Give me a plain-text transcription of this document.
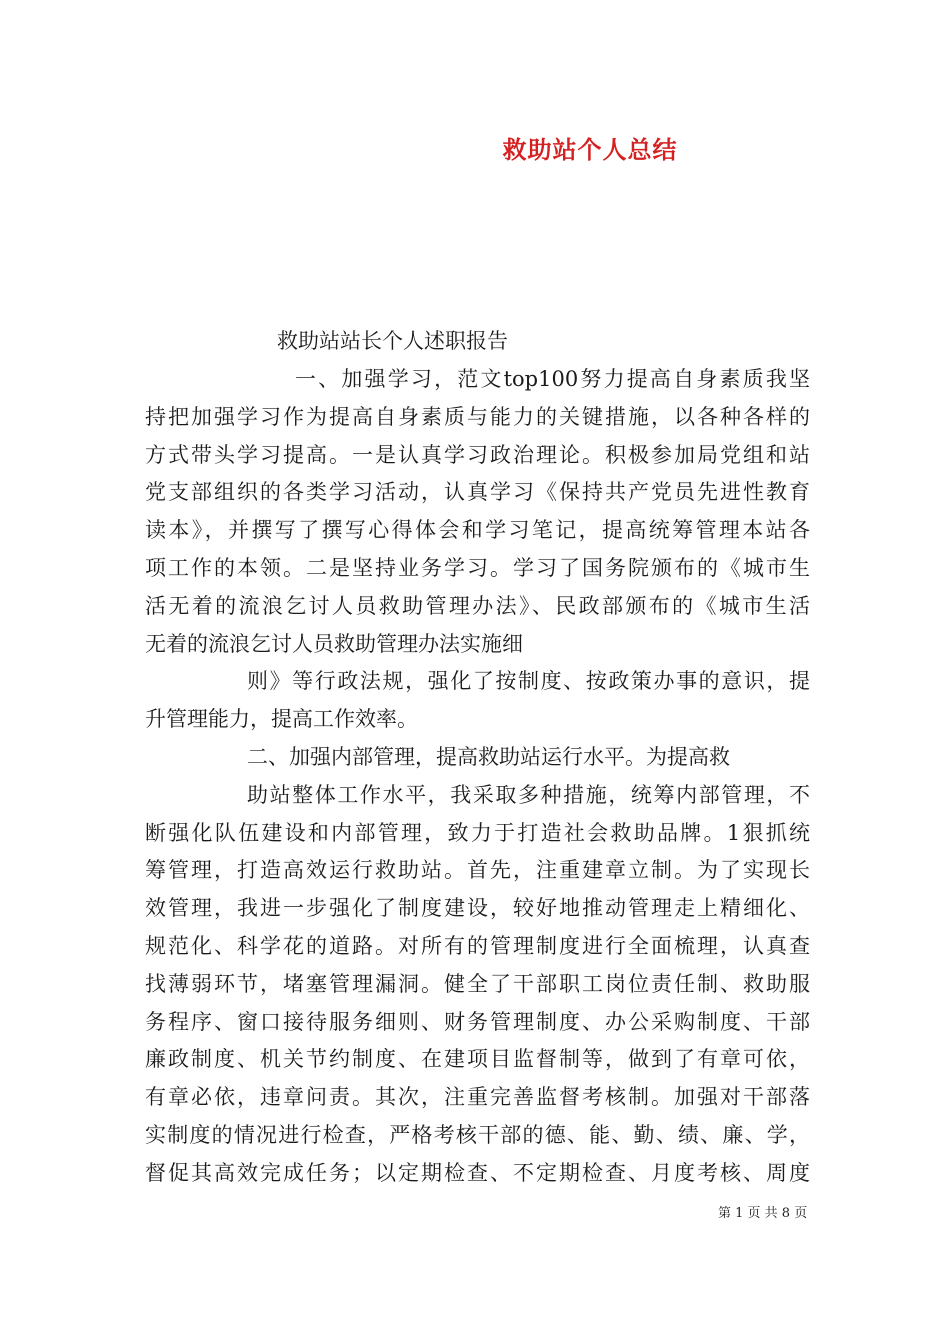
救助站个人总结
救助站站长个人述职报告
一、加强学习，范文top100努力提高自身素质我坚
持把加强学习作为提高自身素质与能力的关键措施，以各种各样的
方式带头学习提高。一是认真学习政治理论。积极参加局党组和站
党支部组织的各类学习活动，认真学习《保持共产党员先进性教育
读本》，并撰写了撰写心得体会和学习笔记，提高统筹管理本站各
项工作的本领。二是坚持业务学习。学习了国务院颁布的《城市生
活无着的流浪乞讨人员救助管理办法》、民政部颁布的《城市生活
无着的流浪乞讨人员救助管理办法实施细
则》等行政法规，强化了按制度、按政策办事的意识，提
升管理能力，提高工作效率。
二、加强内部管理，提高救助站运行水平。为提高救
助站整体工作水平，我采取多种措施，统筹内部管理，不
断强化队伍建设和内部管理，致力于打造社会救助品牌。1狠抓统
筹管理，打造高效运行救助站。首先，注重建章立制。为了实现长
效管理，我进一步强化了制度建设，较好地推动管理走上精细化、
规范化、科学花的道路。对所有的管理制度进行全面梳理，认真查
找薄弱环节，堵塞管理漏洞。健全了干部职工岗位责任制、救助服
务程序、窗口接待服务细则、财务管理制度、办公采购制度、干部
廉政制度、机关节约制度、在建项目监督制等，做到了有章可依，
有章必依，违章问责。其次，注重完善监督考核制。加强对干部落
实制度的情况进行检查，严格考核干部的德、能、勤、绩、廉、学，
督促其高效完成任务；以定期检查、不定期检查、月度考核、周度
第 1 页 共 8 页
